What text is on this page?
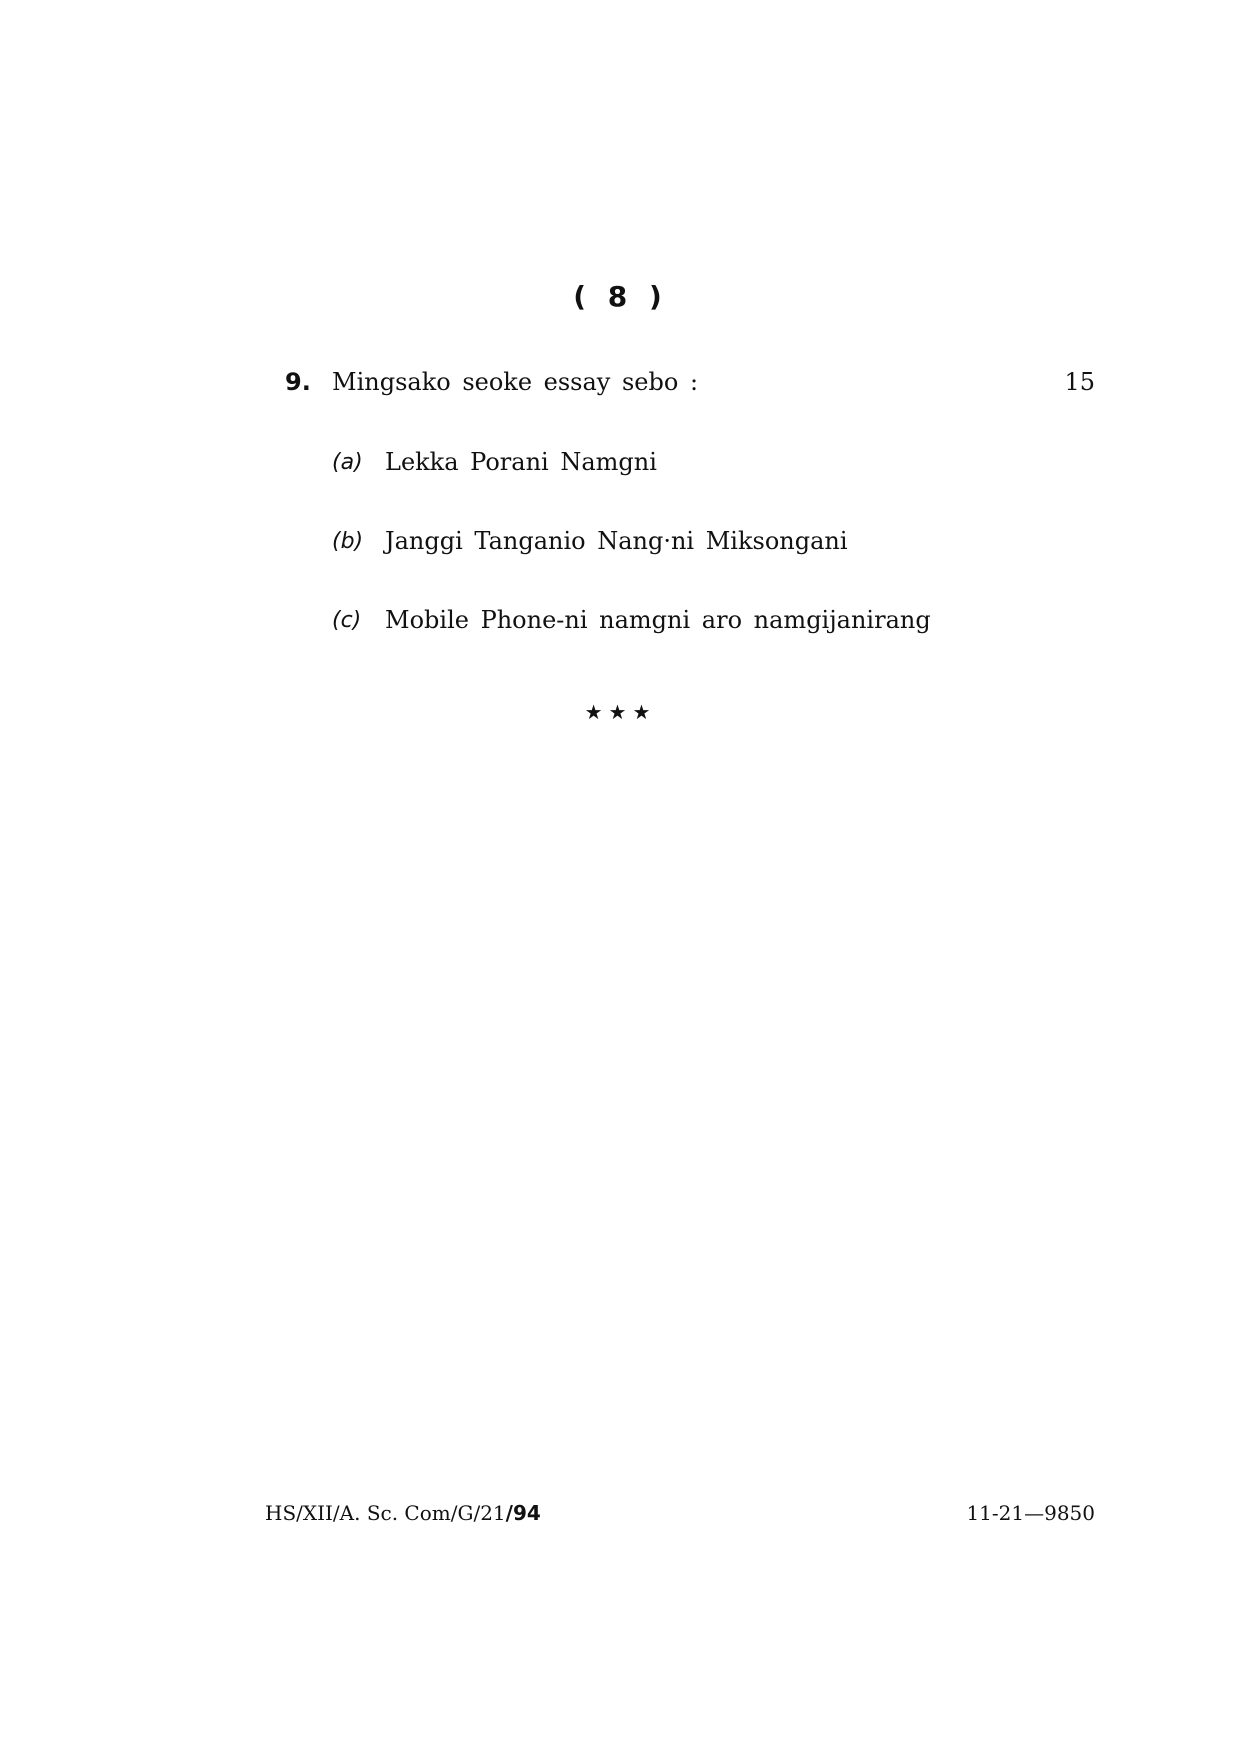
( 8 )
9. Mingsako seoke essay sebo :	15
(a) Lekka Porani Namgni
(b) Janggi Tanganio Nang·ni Miksongani
(c) Mobile Phone-ni namgni aro namgijanirang
★★★
HS/XII/A. Sc. Com/G/21/94	11-21—9850
